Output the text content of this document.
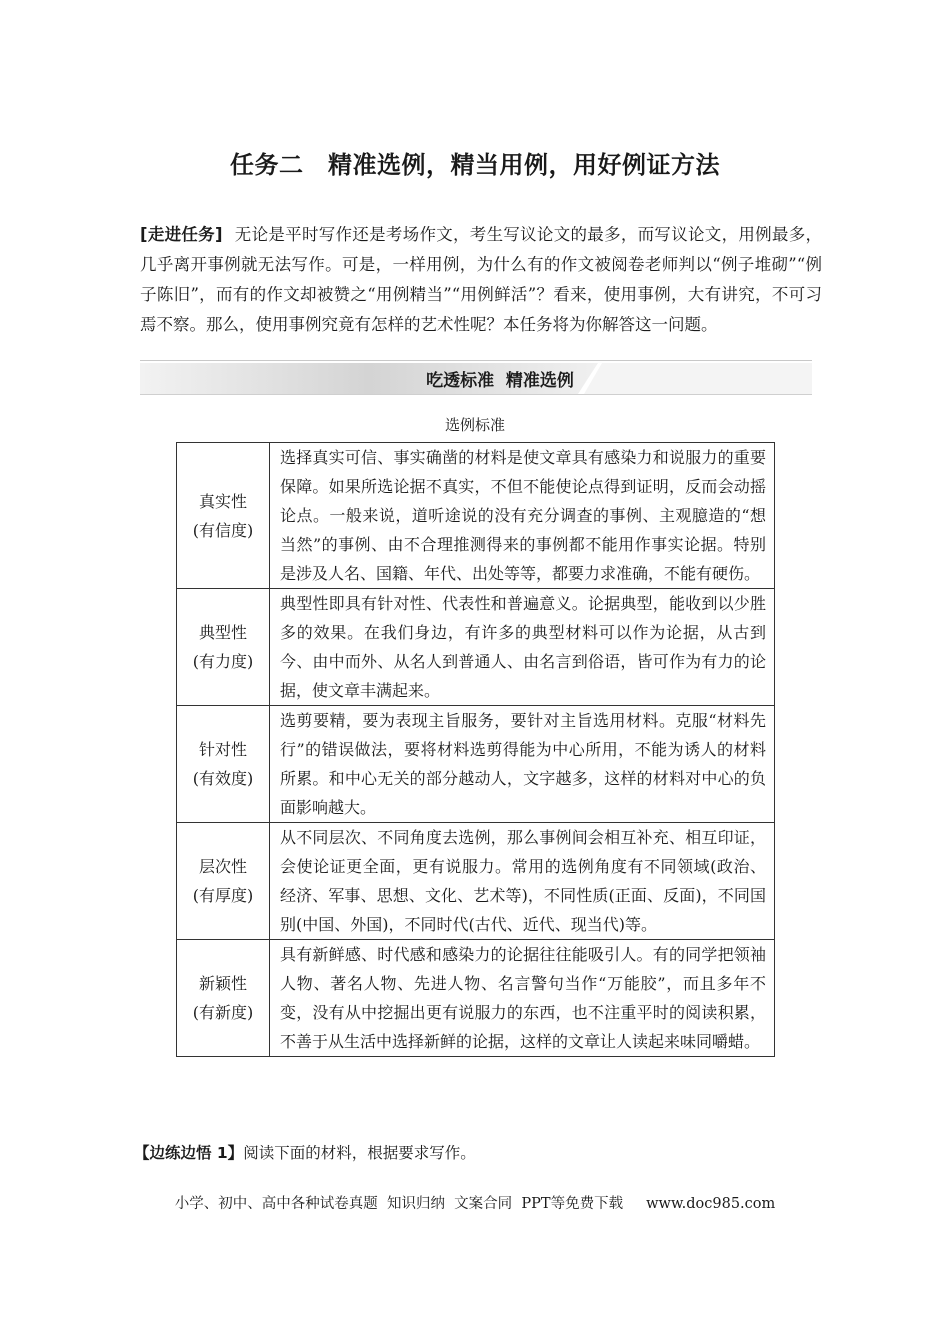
任务二　精准选例，精当用例，用好例证方法
[走进任务] 无论是平时写作还是考场作文，考生写议论文的最多，而写议论文，用例最多，几乎离开事例就无法写作。可是，一样用例，为什么有的作文被阅卷老师判以“例子堆砌”“例子陈旧”，而有的作文却被赞之“用例精当”“用例鲜活”？看来，使用事例，大有讲究，不可习焉不察。那么，使用事例究竟有怎样的艺术性呢？本任务将为你解答这一问题。
吃透标准  精准选例
选例标准
真实性
(有信度)	选择真实可信、事实确凿的材料是使文章具有感染力和说服力的重要保障。如果所选论据不真实，不但不能使论点得到证明，反而会动摇论点。一般来说，道听途说的没有充分调查的事例、主观臆造的“想当然”的事例、由不合理推测得来的事例都不能用作事实论据。特别是涉及人名、国籍、年代、出处等等，都要力求准确，不能有硬伤。

典型性
(有力度)	典型性即具有针对性、代表性和普遍意义。论据典型，能收到以少胜多的效果。在我们身边，有许多的典型材料可以作为论据，从古到今、由中而外、从名人到普通人、由名言到俗语，皆可作为有力的论据，使文章丰满起来。

针对性
(有效度)	选剪要精，要为表现主旨服务，要针对主旨选用材料。克服“材料先行”的错误做法，要将材料选剪得能为中心所用，不能为诱人的材料所累。和中心无关的部分越动人，文字越多，这样的材料对中心的负面影响越大。

层次性
(有厚度)	从不同层次、不同角度去选例，那么事例间会相互补充、相互印证，会使论证更全面，更有说服力。常用的选例角度有不同领域(政治、经济、军事、思想、文化、艺术等)，不同性质(正面、反面)，不同国别(中国、外国)，不同时代(古代、近代、现当代)等。

新颖性
(有新度)	具有新鲜感、时代感和感染力的论据往往能吸引人。有的同学把领袖人物、著名人物、先进人物、名言警句当作“万能胶”，而且多年不变，没有从中挖掘出更有说服力的东西，也不注重平时的阅读积累，不善于从生活中选择新鲜的论据，这样的文章让人读起来味同嚼蜡。
【边练边悟 1】阅读下面的材料，根据要求写作。
小学、初中、高中各种试卷真题  知识归纳  文案合同  PPT等免费下载     www.doc985.com
